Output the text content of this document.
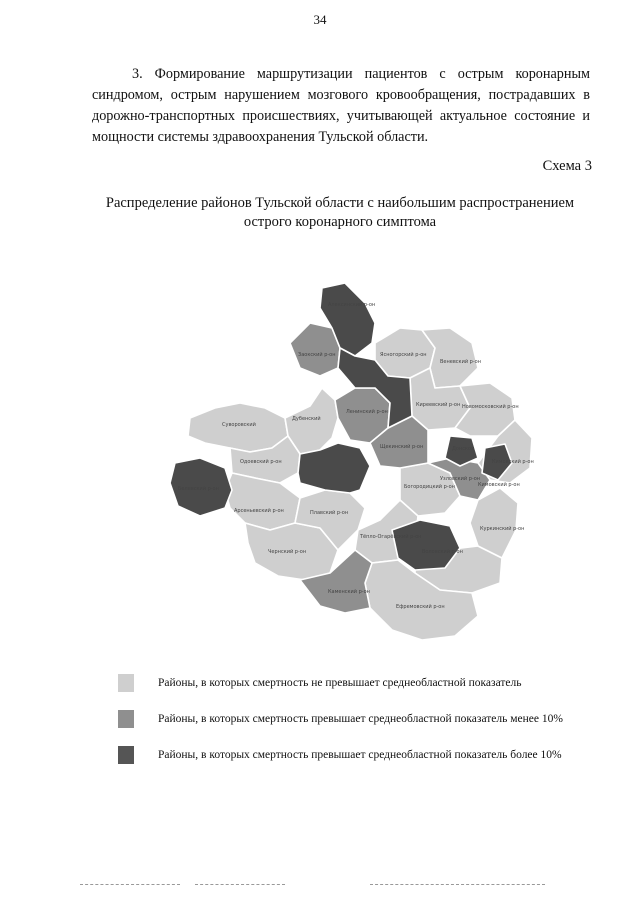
34
3. Формирование маршрутизации пациентов с острым коронарным синдромом, острым нарушением мозгового кровообращения, пострадавших в дорожно-транспортных происшествиях, учитывающей актуальное состояние и мощности системы здравоохранения Тульской области.
Схема 3
Распределение районов Тульской области с наибольшим распространением
острого коронарного симптома
Суворовский
Дубенский
Одоевский р-он
Белевский р-он
Арсеньевский р-он
Чернский р-он
Плавский р-он
Тёпло-Огарёвский р-он
Воловский р-он
Ефремовский р-он
Каменский р-он
Куркинский р-он
Богородицкий р-он
Кимовский р-он
Узловский р-он
Новомосковский р-он
Веневский р-он
Киреевский р-он
Щекинский р-он
Алексинский р-он
Заокский р-он	Ясногорский р-он
Ленинский р-он
Кимовский р-он
Донской
Районы, в которых смертность не превышает среднеобластной показатель
Районы, в которых смертность превышает среднеобластной показатель менее 10%
Районы, в которых смертность превышает среднеобластной показатель более 10%
